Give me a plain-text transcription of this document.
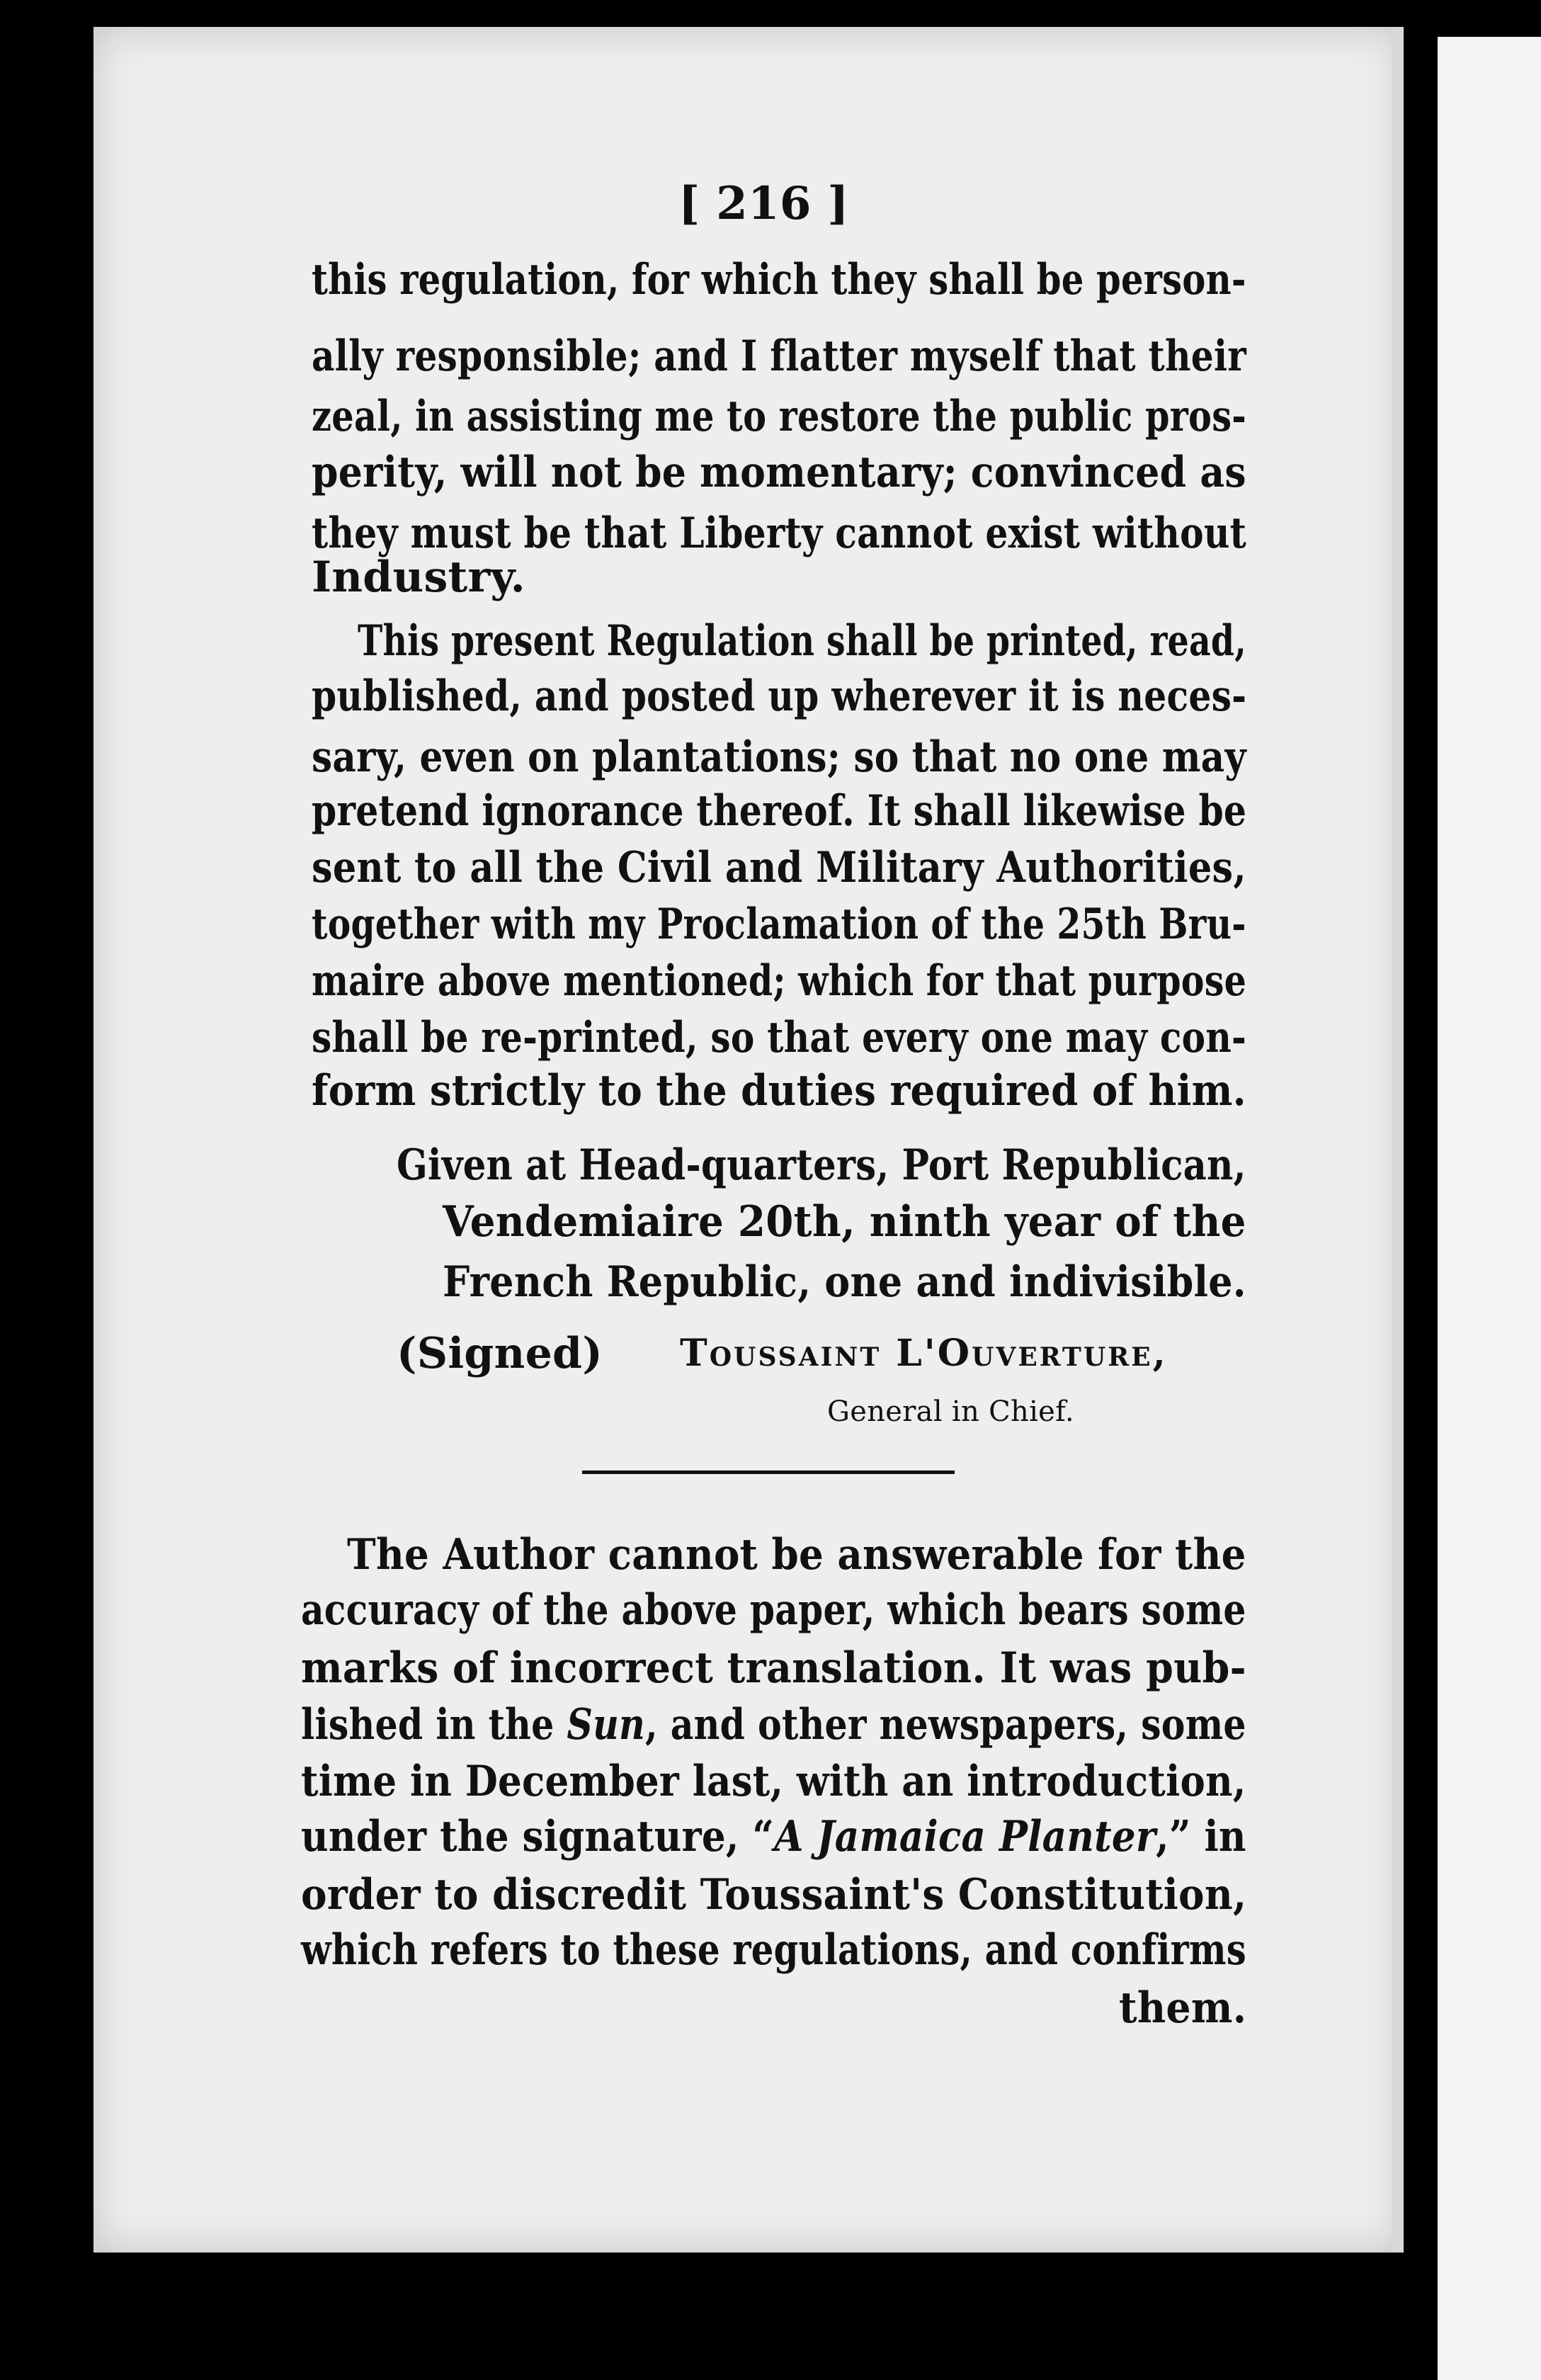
[ 216 ]
this regulation, for which they shall be person-
ally responsible; and I flatter myself that their
zeal, in assisting me to restore the public pros-
perity, will not be momentary; convinced as
they must be that Liberty cannot exist without
Industry.
This present Regulation shall be printed, read,
published, and posted up wherever it is neces-
sary, even on plantations; so that no one may
pretend ignorance thereof. It shall likewise be
sent to all the Civil and Military Authorities,
together with my Proclamation of the 25th Bru-
maire above mentioned; which for that purpose
shall be re-printed, so that every one may con-
form strictly to the duties required of him.
Given at Head-quarters, Port Republican,
Vendemiaire 20th, ninth year of the
French Republic, one and indivisible.
(Signed) Toussaint L'Ouverture,
General in Chief.
The Author cannot be answerable for the
accuracy of the above paper, which bears some
marks of incorrect translation. It was pub-
lished in the Sun, and other newspapers, some
time in December last, with an introduction,
under the signature, “A Jamaica Planter,” in
order to discredit Toussaint's Constitution,
which refers to these regulations, and confirms
them.
